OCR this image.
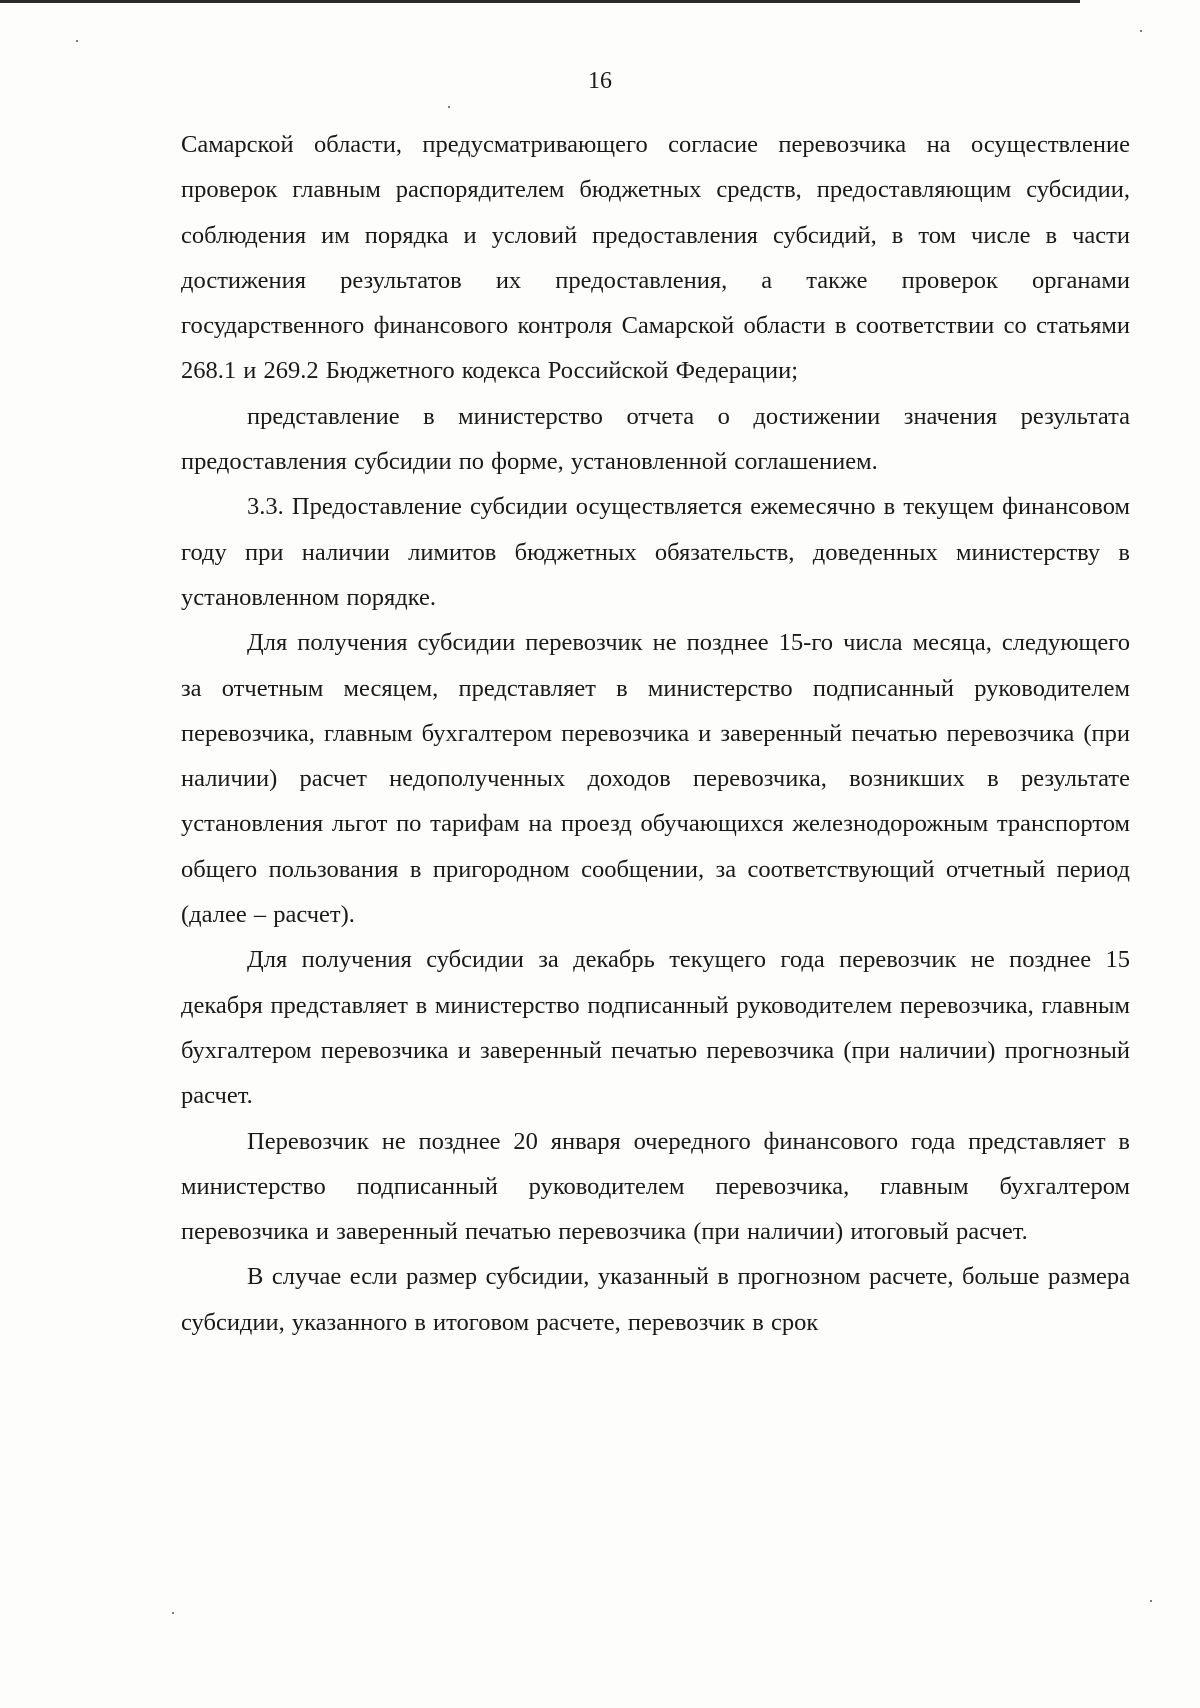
16

Самарской области, предусматривающего согласие перевозчика на осуществление проверок главным распорядителем бюджетных средств, предоставляющим субсидии, соблюдения им порядка и условий предоставления субсидий, в том числе в части достижения результатов их предоставления, а также проверок органами государственного финансового контроля Самарской области в соответствии со статьями 268.1 и 269.2 Бюджетного кодекса Российской Федерации;

представление в министерство отчета о достижении значения результата предоставления субсидии по форме, установленной соглашением.

3.3. Предоставление субсидии осуществляется ежемесячно в текущем финансовом году при наличии лимитов бюджетных обязательств, доведенных министерству в установленном порядке.

Для получения субсидии перевозчик не позднее 15-го числа месяца, следующего за отчетным месяцем, представляет в министерство подписанный руководителем перевозчика, главным бухгалтером перевозчика и заверенный печатью перевозчика (при наличии) расчет недополученных доходов перевозчика, возникших в результате установления льгот по тарифам на проезд обучающихся железнодорожным транспортом общего пользования в пригородном сообщении, за соответствующий отчетный период (далее – расчет).

Для получения субсидии за декабрь текущего года перевозчик не позднее 15 декабря представляет в министерство подписанный руководителем перевозчика, главным бухгалтером перевозчика и заверенный печатью перевозчика (при наличии) прогнозный расчет.

Перевозчик не позднее 20 января очередного финансового года представляет в министерство подписанный руководителем перевозчика, главным бухгалтером перевозчика и заверенный печатью перевозчика (при наличии) итоговый расчет.

В случае если размер субсидии, указанный в прогнозном расчете, больше размера субсидии, указанного в итоговом расчете, перевозчик в срок
